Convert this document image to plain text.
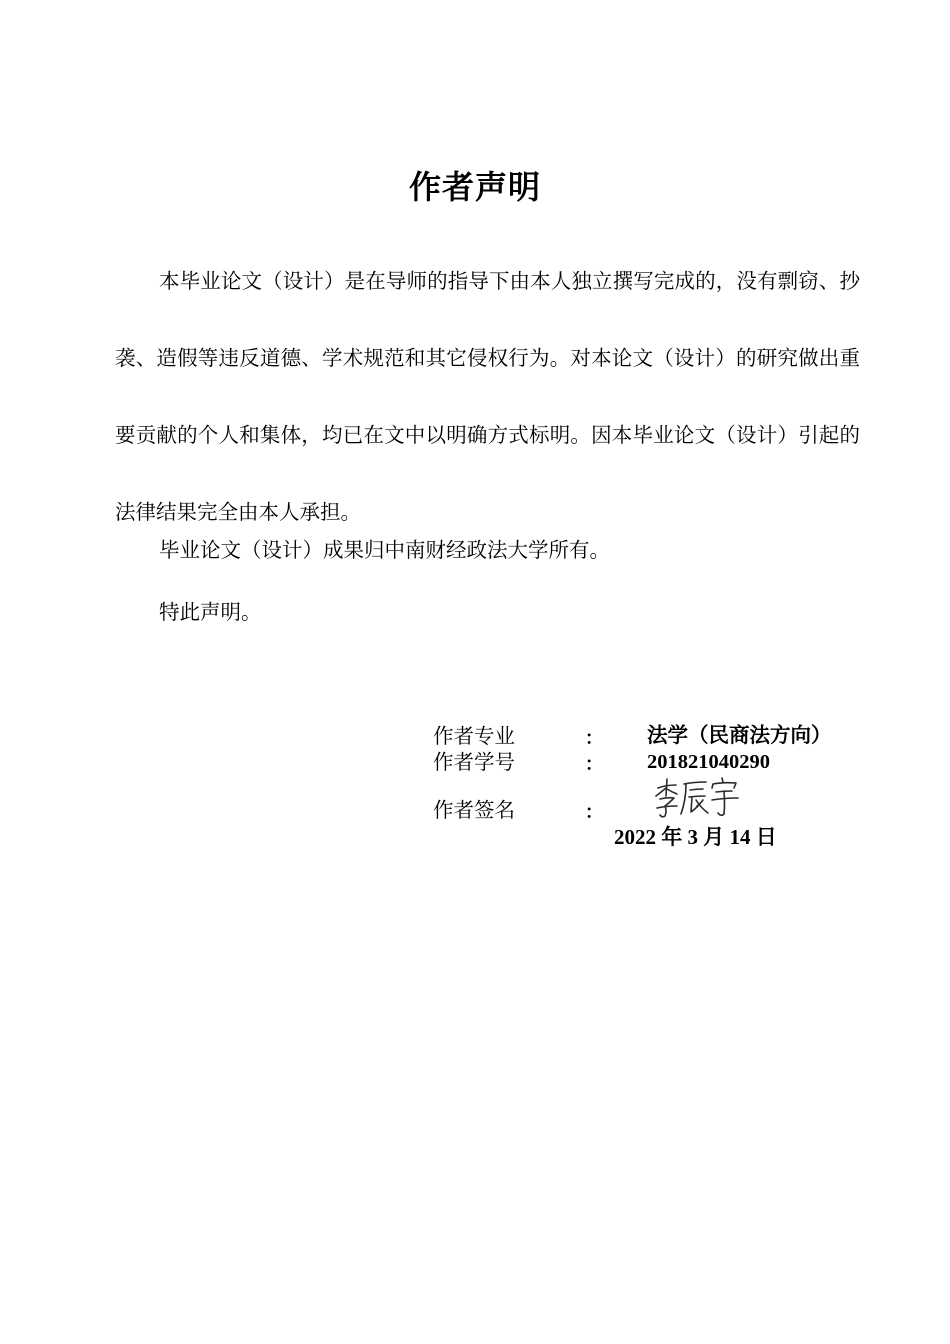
作者声明
本毕业论文（设计）是在导师的指导下由本人独立撰写完成的，没有剽窃、抄袭、造假等违反道德、学术规范和其它侵权行为。对本论文（设计）的研究做出重要贡献的个人和集体，均已在文中以明确方式标明。因本毕业论文（设计）引起的法律结果完全由本人承担。
毕业论文（设计）成果归中南财经政法大学所有。
特此声明。
作者专业	： 法学（民商法方向）
作者学号	： 201821040290
作者签名	：
2022 年 3 月 14 日
